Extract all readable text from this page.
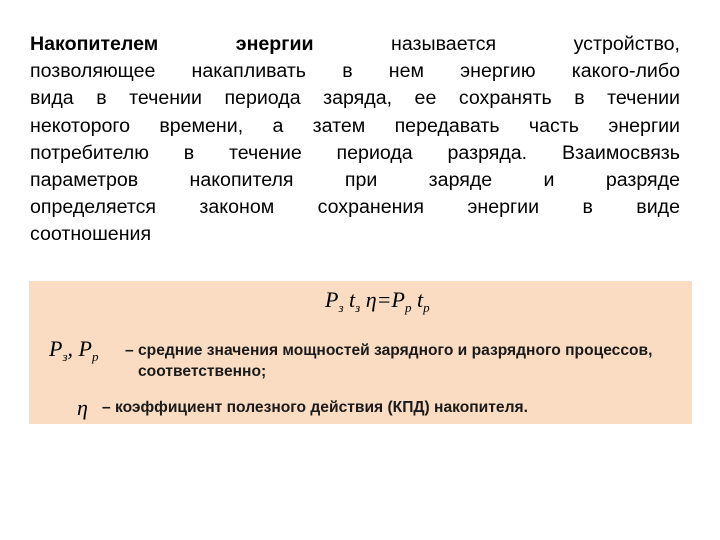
Накопителем энергии называется устройство,
позволяющее накапливать в нем энергию какого-либо
вида в течении периода заряда, ее сохранять в течении
некоторого времени, а затем передавать часть энергии
потребителю в течение периода разряда. Взаимосвязь
параметров накопителя при заряде и разряде
определяется законом сохранения энергии в виде
соотношения
$P_з$ $t_з$ $\eta=P_р$ $t_р$
$P_з$, $P_р$ – средние значения мощностей зарядного и разрядного процессов,
соответственно;
η – коэффициент полезного действия (КПД) накопителя.
